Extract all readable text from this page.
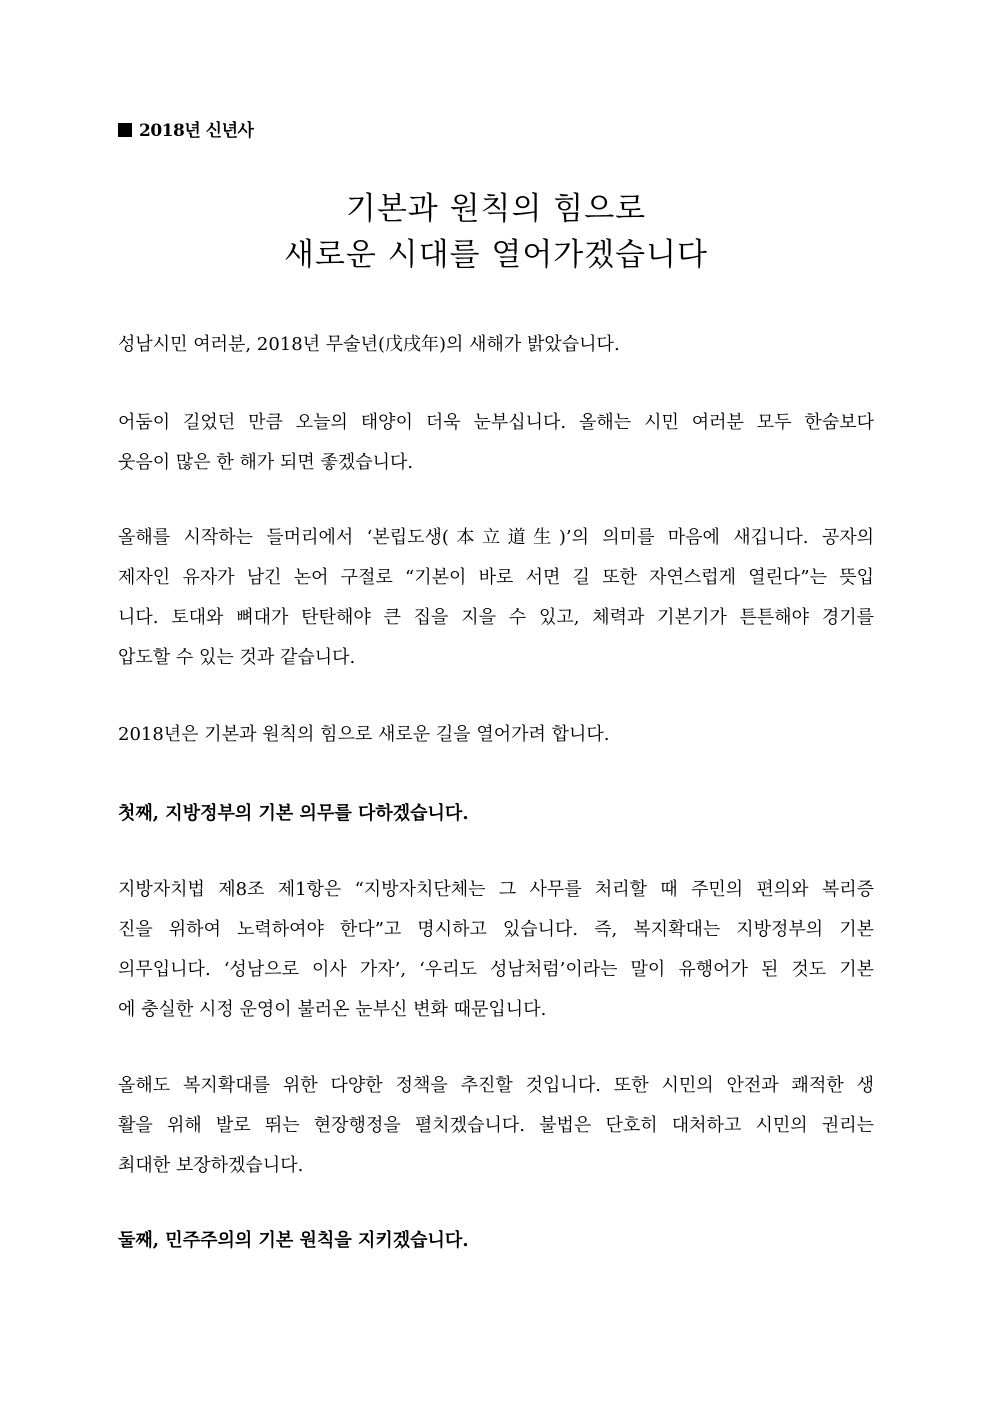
2018년 신년사
기본과 원칙의 힘으로
새로운 시대를 열어가겠습니다
성남시민 여러분, 2018년 무술년(戊戌年)의 새해가 밝았습니다.
어둠이 길었던 만큼 오늘의 태양이 더욱 눈부십니다. 올해는 시민 여러분 모두 한숨보다
웃음이 많은 한 해가 되면 좋겠습니다.
올해를 시작하는 들머리에서 ‘본립도생(本立道生)’의 의미를 마음에 새깁니다. 공자의
제자인 유자가 남긴 논어 구절로 “기본이 바로 서면 길 또한 자연스럽게 열린다”는 뜻입
니다. 토대와 뼈대가 탄탄해야 큰 집을 지을 수 있고, 체력과 기본기가 튼튼해야 경기를
압도할 수 있는 것과 같습니다.
2018년은 기본과 원칙의 힘으로 새로운 길을 열어가려 합니다.
첫째, 지방정부의 기본 의무를 다하겠습니다.
지방자치법 제8조 제1항은 “지방자치단체는 그 사무를 처리할 때 주민의 편의와 복리증
진을 위하여 노력하여야 한다”고 명시하고 있습니다. 즉, 복지확대는 지방정부의 기본
의무입니다. ‘성남으로 이사 가자’, ‘우리도 성남처럼’이라는 말이 유행어가 된 것도 기본
에 충실한 시정 운영이 불러온 눈부신 변화 때문입니다.
올해도 복지확대를 위한 다양한 정책을 추진할 것입니다. 또한 시민의 안전과 쾌적한 생
활을 위해 발로 뛰는 현장행정을 펼치겠습니다. 불법은 단호히 대처하고 시민의 권리는
최대한 보장하겠습니다.
둘째, 민주주의의 기본 원칙을 지키겠습니다.
